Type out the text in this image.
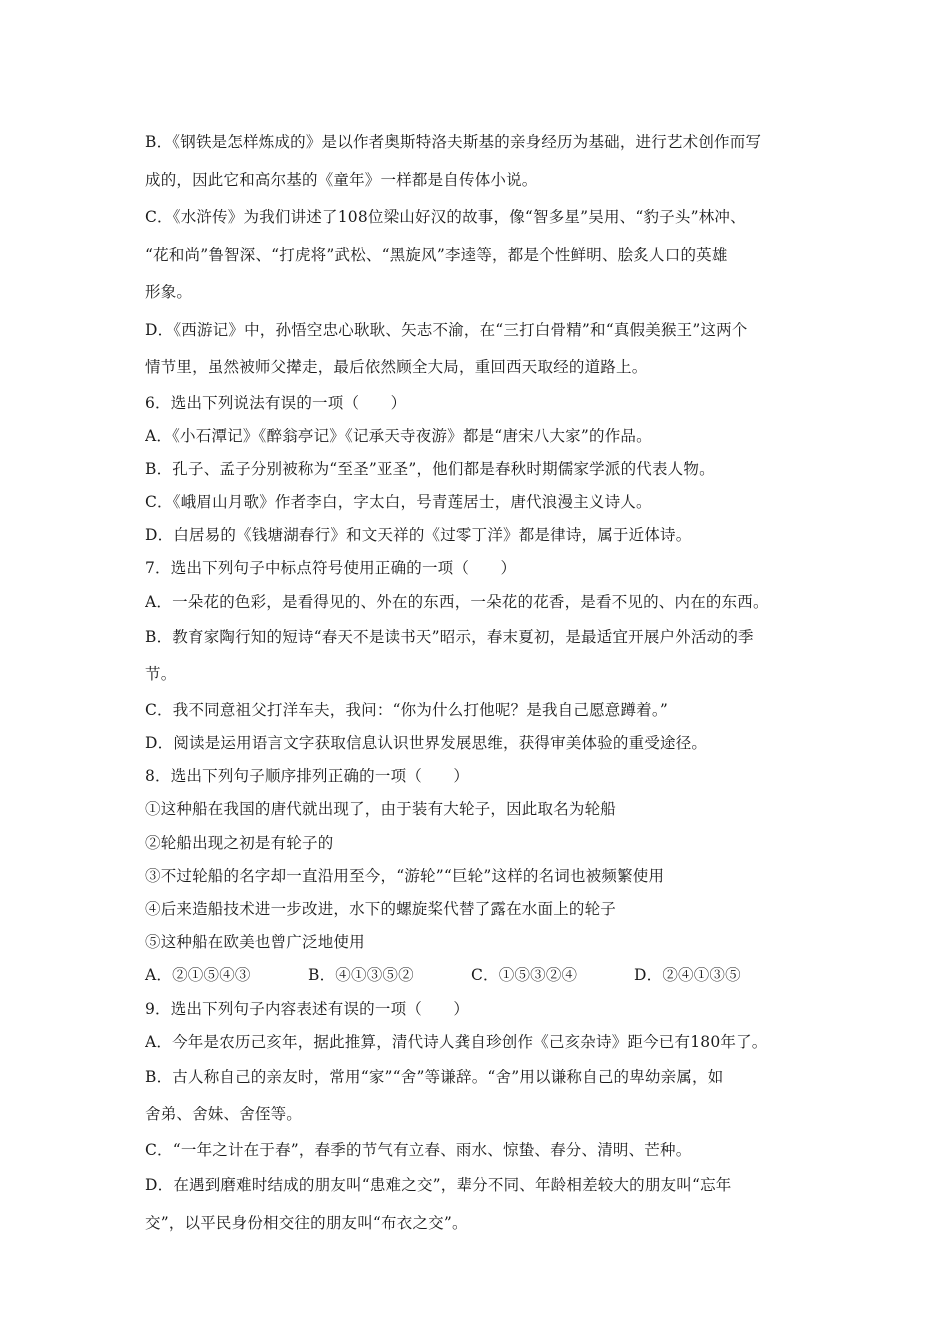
B．《钢铁是怎样炼成的》是以作者奥斯特洛夫斯基的亲身经历为基础，进行艺术创作而写
成的，因此它和高尔基的《童年》一样都是自传体小说。
C．《水浒传》为我们讲述了108位梁山好汉的故事，像“智多星”吴用、“豹子头”林冲、
“花和尚”鲁智深、“打虎将”武松、“黑旋风”李逵等，都是个性鲜明、脍炙人口的英雄
形象。
D．《西游记》中，孙悟空忠心耿耿、矢志不渝，在“三打白骨精”和“真假美猴王”这两个
情节里，虽然被师父撵走，最后依然顾全大局，重回西天取经的道路上。
6．选出下列说法有误的一项（　　）
A．《小石潭记》《醉翁亭记》《记承天寺夜游》都是“唐宋八大家”的作品。
B．孔子、孟子分别被称为“至圣”亚圣”，他们都是春秋时期儒家学派的代表人物。
C．《峨眉山月歌》作者李白，字太白，号青莲居士，唐代浪漫主义诗人。
D．白居易的《钱塘湖春行》和文天祥的《过零丁洋》都是律诗，属于近体诗。
7．选出下列句子中标点符号使用正确的一项（　　）
A．一朵花的色彩，是看得见的、外在的东西，一朵花的花香，是看不见的、内在的东西。
B．教育家陶行知的短诗“春天不是读书天”昭示，春末夏初，是最适宜开展户外活动的季
节。
C．我不同意祖父打洋车夫，我问：“你为什么打他呢？是我自己愿意蹲着。”
D．阅读是运用语言文字获取信息认识世界发展思维，获得审美体验的重受途径。
8．选出下列句子顺序排列正确的一项（　　）
①这种船在我国的唐代就出现了，由于装有大轮子，因此取名为轮船
②轮船出现之初是有轮子的
③不过轮船的名字却一直沿用至今，“游轮”“巨轮”这样的名词也被频繁使用
④后来造船技术进一步改进，水下的螺旋桨代替了露在水面上的轮子
⑤这种船在欧美也曾广泛地使用
A．②①⑤④③	B．④①③⑤②	C．①⑤③②④	D．②④①③⑤
9．选出下列句子内容表述有误的一项（　　）
A．今年是农历己亥年，据此推算，清代诗人龚自珍创作《己亥杂诗》距今已有180年了。
B．古人称自己的亲友时，常用“家”“舍”等谦辞。“舍”用以谦称自己的卑幼亲属，如
舍弟、舍妹、舍侄等。
C．“一年之计在于春”，春季的节气有立春、雨水、惊蛰、春分、清明、芒种。
D．在遇到磨难时结成的朋友叫“患难之交”，辈分不同、年龄相差较大的朋友叫“忘年
交”，以平民身份相交往的朋友叫“布衣之交”。
